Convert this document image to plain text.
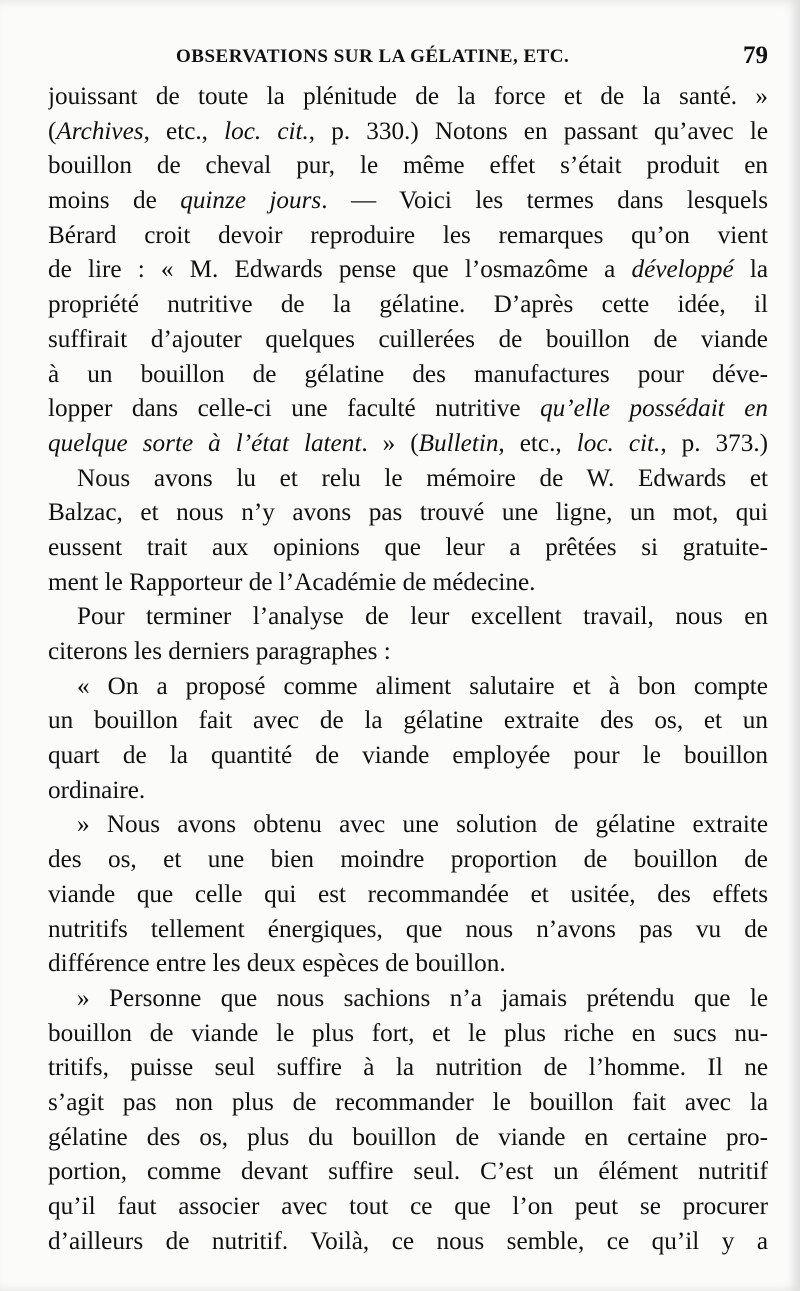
OBSERVATIONS SUR LA GÉLATINE, ETC.	79
jouissant de toute la plénitude de la force et de la santé. »
(Archives, etc., loc. cit., p. 330.) Notons en passant qu’avec le
bouillon de cheval pur, le même effet s’était produit en
moins de quinze jours. — Voici les termes dans lesquels
Bérard croit devoir reproduire les remarques qu’on vient
de lire : « M. Edwards pense que l’osmazôme a développé la
propriété nutritive de la gélatine. D’après cette idée, il
suffirait d’ajouter quelques cuillerées de bouillon de viande
à un bouillon de gélatine des manufactures pour déve-
lopper dans celle-ci une faculté nutritive qu’elle possédait en
quelque sorte à l’état latent. » (Bulletin, etc., loc. cit., p. 373.)
Nous avons lu et relu le mémoire de W. Edwards et
Balzac, et nous n’y avons pas trouvé une ligne, un mot, qui
eussent trait aux opinions que leur a prêtées si gratuite-
ment le Rapporteur de l’Académie de médecine.
Pour terminer l’analyse de leur excellent travail, nous en
citerons les derniers paragraphes :
« On a proposé comme aliment salutaire et à bon compte
un bouillon fait avec de la gélatine extraite des os, et un
quart de la quantité de viande employée pour le bouillon
ordinaire.
» Nous avons obtenu avec une solution de gélatine extraite
des os, et une bien moindre proportion de bouillon de
viande que celle qui est recommandée et usitée, des effets
nutritifs tellement énergiques, que nous n’avons pas vu de
différence entre les deux espèces de bouillon.
» Personne que nous sachions n’a jamais prétendu que le
bouillon de viande le plus fort, et le plus riche en sucs nu-
tritifs, puisse seul suffire à la nutrition de l’homme. Il ne
s’agit pas non plus de recommander le bouillon fait avec la
gélatine des os, plus du bouillon de viande en certaine pro-
portion, comme devant suffire seul. C’est un élément nutritif
qu’il faut associer avec tout ce que l’on peut se procurer
d’ailleurs de nutritif. Voilà, ce nous semble, ce qu’il y a
